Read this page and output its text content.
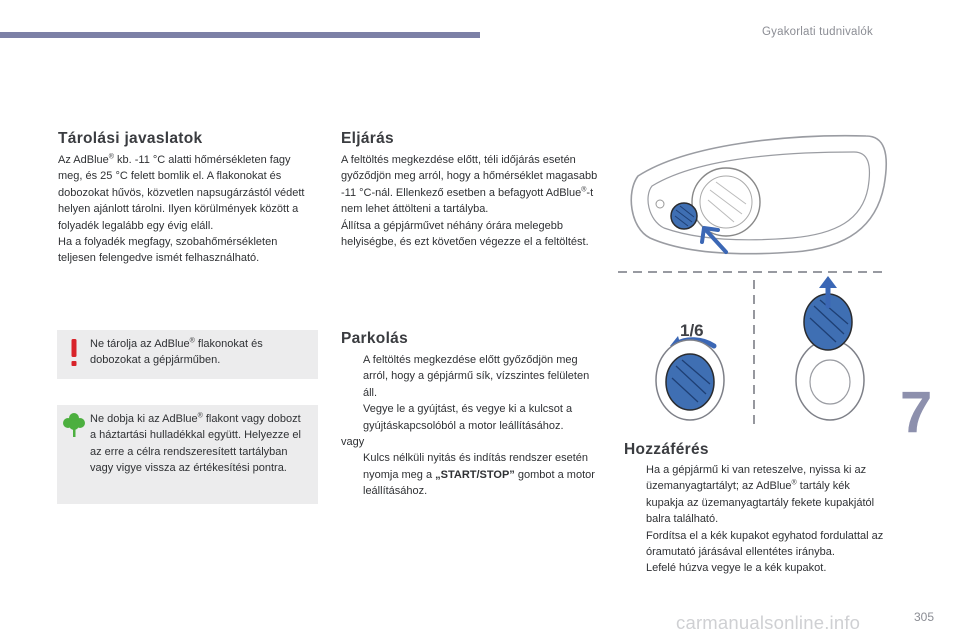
Gyakorlati tudnivalók
Tárolási javaslatok

Az AdBlue® kb. -11 °C alatti hőmérsékleten fagy meg, és 25 °C felett bomlik el. A flakonokat és dobozokat hűvös, közvetlen napsugárzástól védett helyen ajánlott tárolni. Ilyen körülmények között a folyadék legalább egy évig eláll.

Ha a folyadék megfagy, szobahőmérsékleten teljesen felengedve ismét felhasználható.

Ne tárolja az AdBlue® flakonokat és dobozokat a gépjárműben.
Ne dobja ki az AdBlue® flakont vagy dobozt a háztartási hulladékkal együtt. Helyezze el az erre a célra rendszeresített tartályban vagy vigye vissza az értékesítési pontra.
Eljárás

A feltöltés megkezdése előtt, téli időjárás esetén győződjön meg arról, hogy a hőmérséklet magasabb -11 °C-nál. Ellenkező esetben a befagyott AdBlue®-t nem lehet áttölteni a tartályba.

Állítsa a gépjárművet néhány órára melegebb helyiségbe, és ezt követően végezze el a feltöltést.

Parkolás
A feltöltés megkezdése előtt győződjön meg arról, hogy a gépjármű sík, vízszintes felületen áll.
Vegye le a gyújtást, és vegye ki a kulcsot a gyújtáskapcsolóból a motor leállításához.

vagy

Kulcs nélküli nyitás és indítás rendszer esetén nyomja meg a „START/STOP” gombot a motor leállításához.
1/6
Hozzáférés
Ha a gépjármű ki van reteszelve, nyissa ki az üzemanyagtartályt; az AdBlue® tartály kék kupakja az üzemanyagtartály fekete kupakjától balra található.
Fordítsa el a kék kupakot egyhatod fordulattal az óramutató járásával ellentétes irányba.
Lefelé húzva vegye le a kék kupakot.
7
carmanualsonline.info	305
